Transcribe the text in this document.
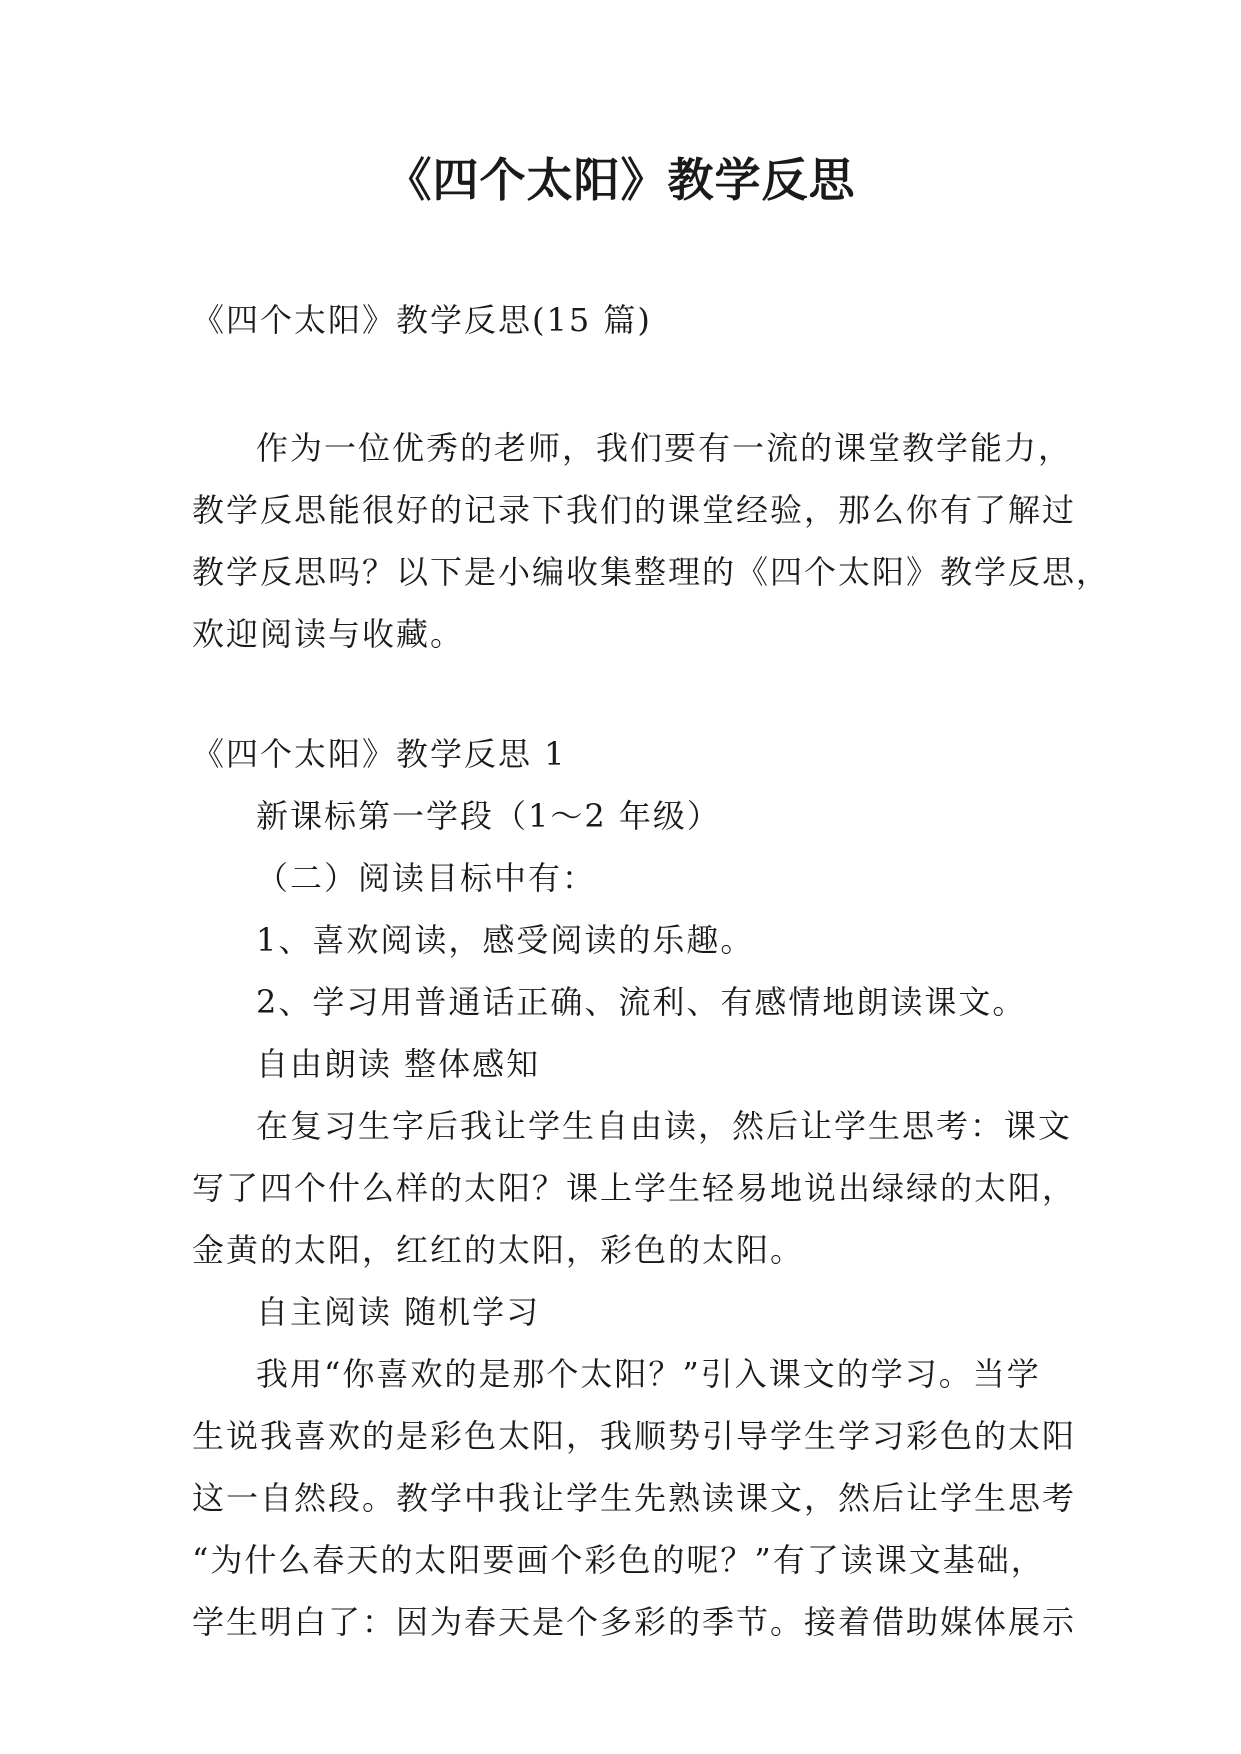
《四个太阳》教学反思

《四个太阳》教学反思(15 篇)

作为一位优秀的老师，我们要有一流的课堂教学能力，

教学反思能很好的记录下我们的课堂经验，那么你有了解过

教学反思吗？以下是小编收集整理的《四个太阳》教学反思，

欢迎阅读与收藏。

《四个太阳》教学反思 1

新课标第一学段（1～2 年级）

（二）阅读目标中有：

1、喜欢阅读，感受阅读的乐趣。

2、学习用普通话正确、流利、有感情地朗读课文。

自由朗读 整体感知

在复习生字后我让学生自由读，然后让学生思考：课文

写了四个什么样的太阳？课上学生轻易地说出绿绿的太阳，

金黄的太阳，红红的太阳，彩色的太阳。

自主阅读 随机学习

我用“你喜欢的是那个太阳？”引入课文的学习。当学

生说我喜欢的是彩色太阳，我顺势引导学生学习彩色的太阳

这一自然段。教学中我让学生先熟读课文，然后让学生思考

“为什么春天的太阳要画个彩色的呢？”有了读课文基础，

学生明白了：因为春天是个多彩的季节。接着借助媒体展示
